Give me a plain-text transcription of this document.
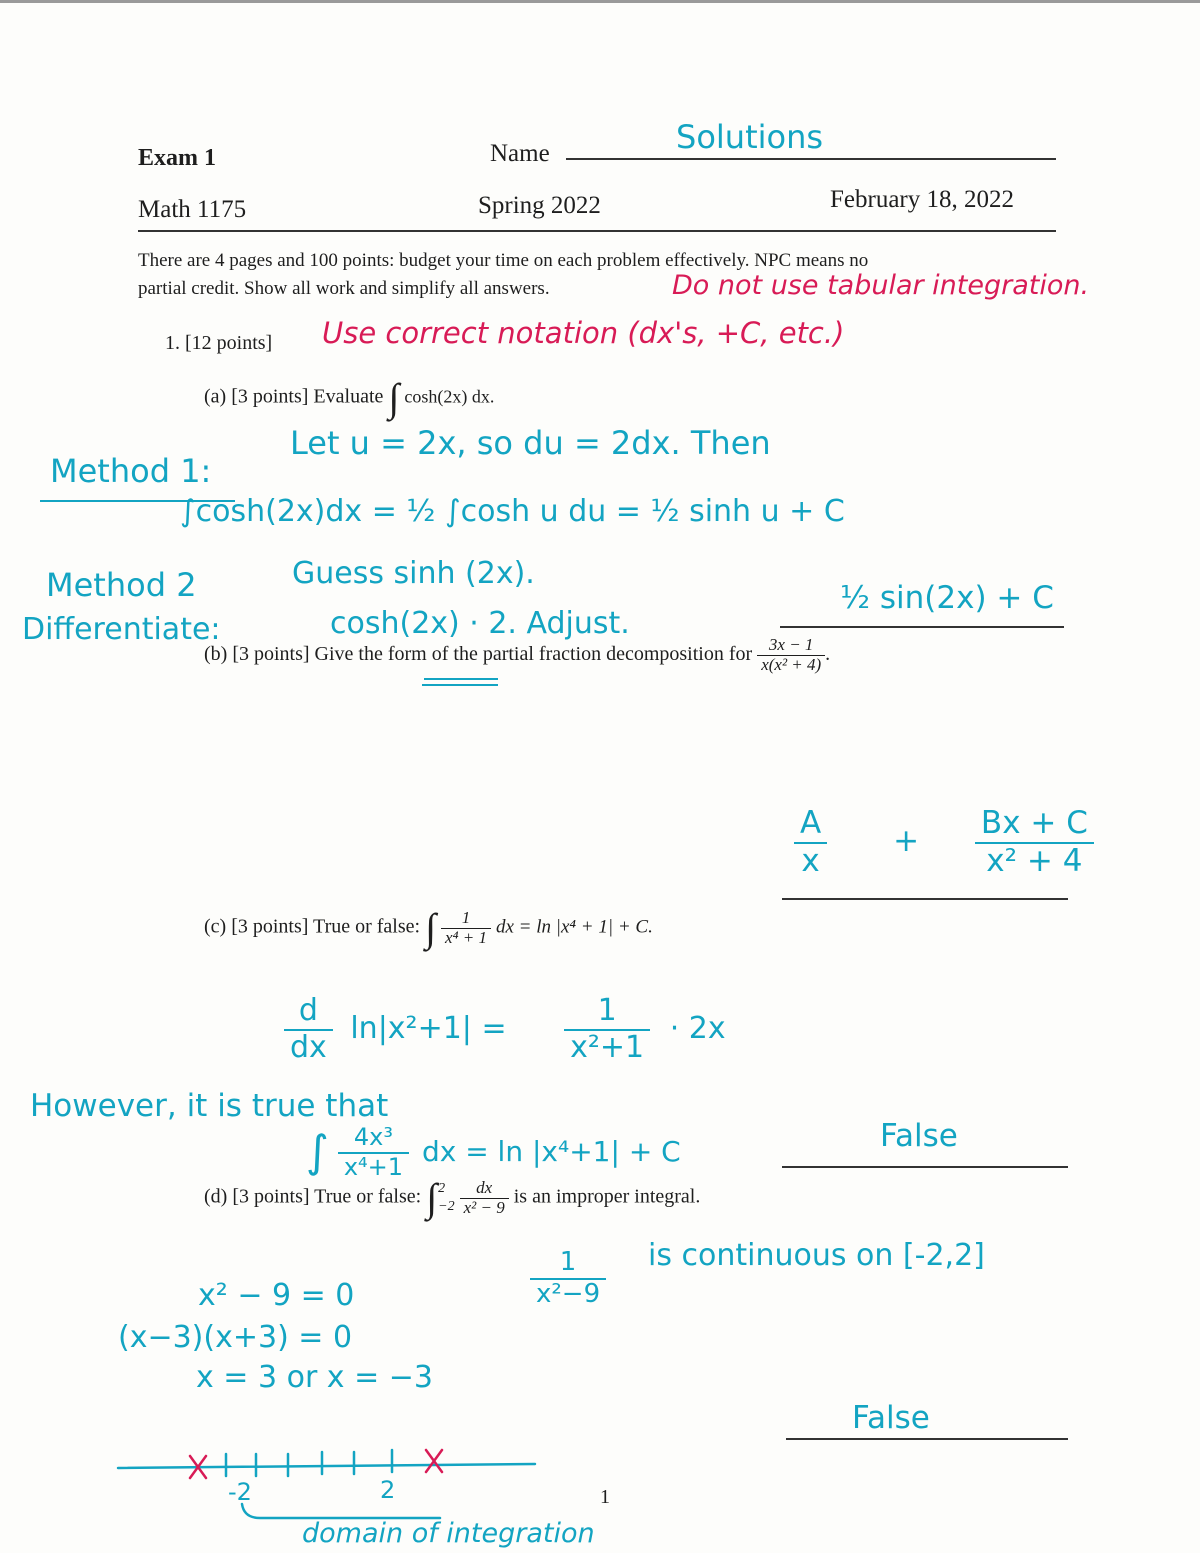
Exam 1	Name	Solutions
Math 1175	Spring 2022	February 18, 2022
There are 4 pages and 100 points: budget your time on each problem effectively. NPC means no
partial credit. Show all work and simplify all answers.	Do not use tabular integration.
1. [12 points] Use correct notation (dx's, +C, etc.)
(a) [3 points] Evaluate ∫ cosh(2x) dx.
Method 1:
Let u = 2x, so du = 2dx. Then
∫cosh(2x)dx = ½ ∫cosh u du = ½ sinh u + C
Method 2	Guess sinh (2x).
Differentiate:	cosh(2x) · 2. Adjust.
½ sin(2x) + C
(b) [3 points] Give the form of the partial fraction decomposition for $\frac{3x - 1}{\text{x(x² + 4)}}$ .
$\frac{A}{x} + \frac{Bx + C}{\text{x² + 4}}$
(c) [3 points] True or false: ∫ $\frac{1}{\text{x⁴ + 1}}$ dx = ln |x⁴ + 1| + C.
$\frac{d}{dx} \ln|x^2+1| = \frac{1}{\text{x²+1}} \cdot 2x$
However, it is true that
∫ $\frac{\text{4x³}}{\text{x⁴+1}}$ dx = ln |x⁴+1| + C	False
(d) [3 points] True or false: ∫ 2
−2
$\frac{dx}{\text{x² − 9}}$ is an improper integral.
$\frac{1}{\text{x²−9}}$ is continuous on [-2,2]
x² − 9 = 0
(x−3)(x+3) = 0
x = 3 or x = −3
False
-2	2
domain of integration
1
